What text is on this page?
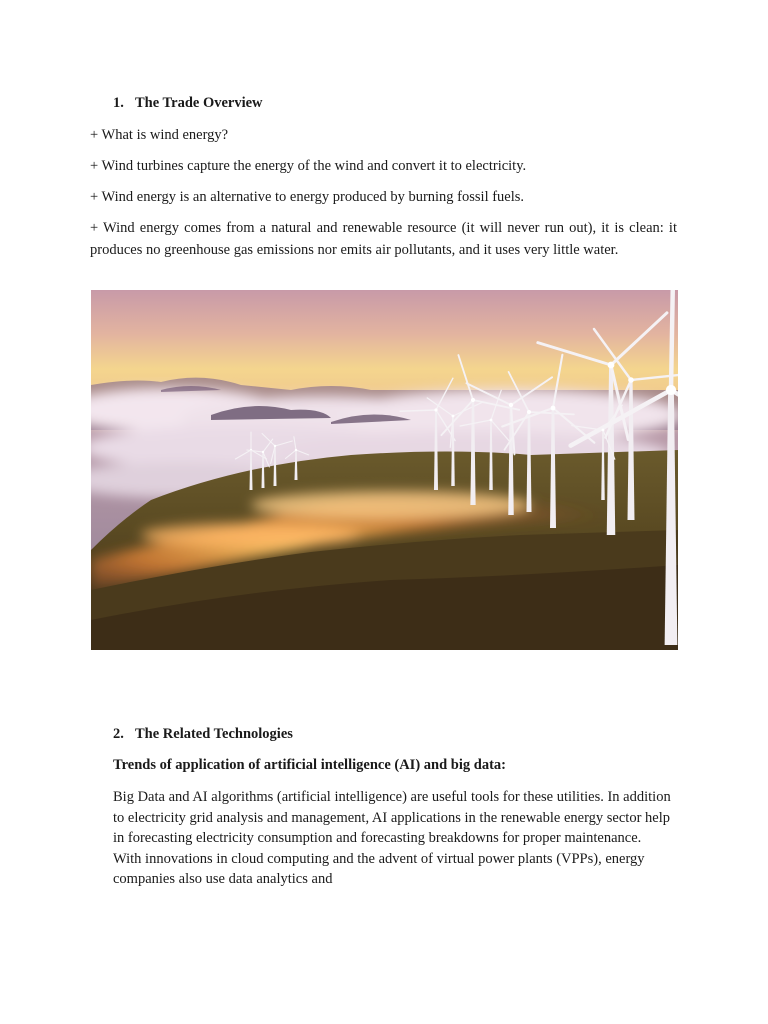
1. The Trade Overview

+ What is wind energy?

+ Wind turbines capture the energy of the wind and convert it to electricity.

+ Wind energy is an alternative to energy produced by burning fossil fuels.

+ Wind energy comes from a natural and renewable resource (it will never run out), it is clean: it produces no greenhouse gas emissions nor emits air pollutants, and it uses very little water.

2. The Related Technologies
Trends of application of artificial intelligence (AI) and big data:

Big Data and AI algorithms (artificial intelligence) are useful tools for these utilities. In addition to electricity grid analysis and management, AI applications in the renewable energy sector help in forecasting electricity consumption and forecasting breakdowns for proper maintenance. With innovations in cloud computing and the advent of virtual power plants (VPPs), energy companies also use data analytics and
